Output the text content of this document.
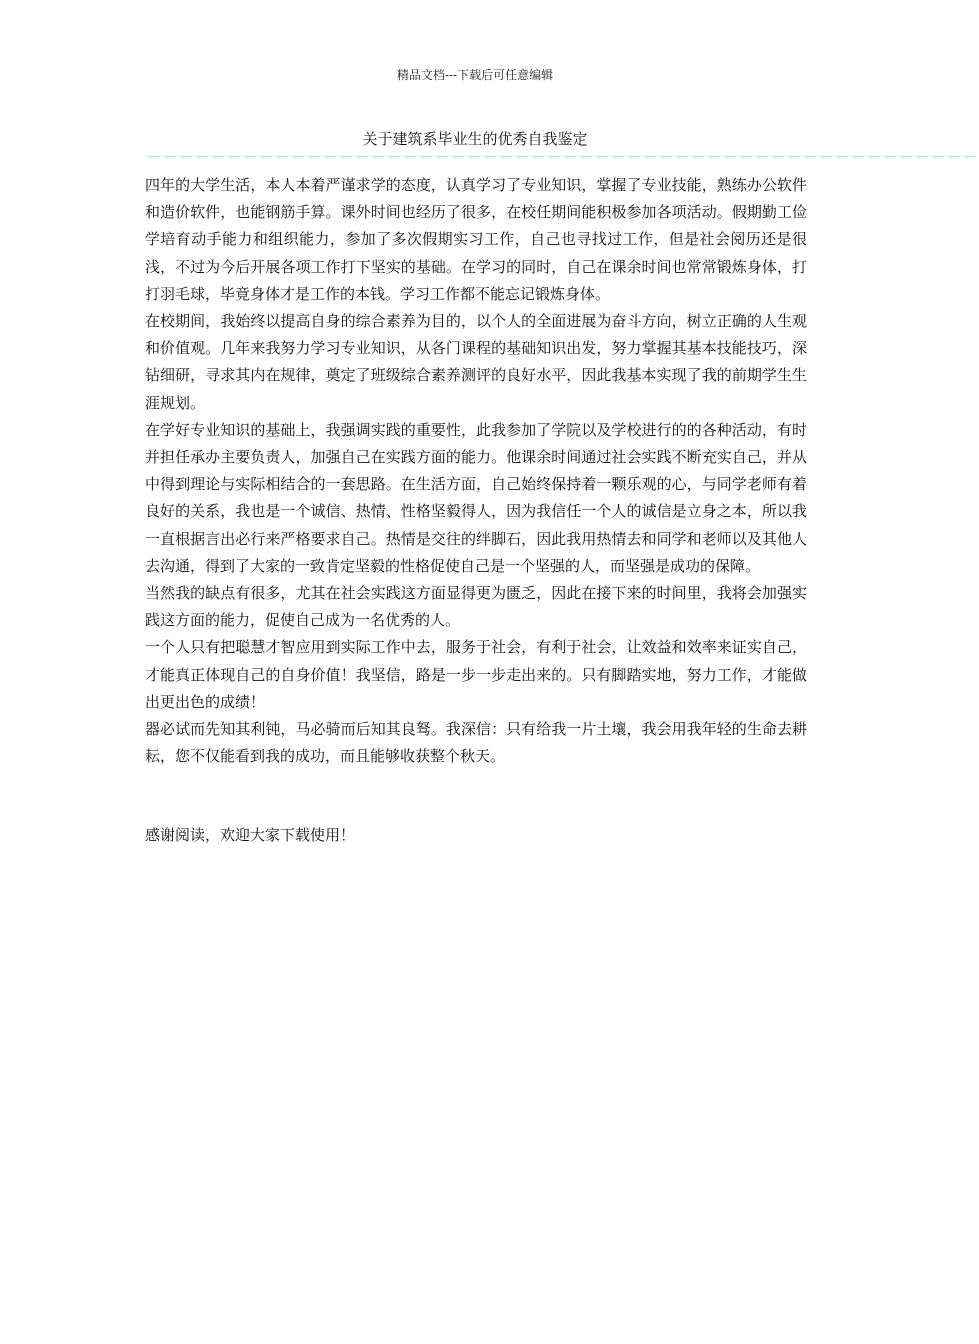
精品文档---下载后可任意编辑
关于建筑系毕业生的优秀自我鉴定
－－－－－－－－－－－－－－－－－－－－－－－－－－－－－－－－－－－－－－－－－－－－－－－－－－－－

四年的大学生活，本人本着严谨求学的态度，认真学习了专业知识，掌握了专业技能，熟练办公软件和造价软件，也能钢筋手算。课外时间也经历了很多，在校任期间能积极参加各项活动。假期勤工俭学培育动手能力和组织能力，参加了多次假期实习工作，自己也寻找过工作，但是社会阅历还是很浅，不过为今后开展各项工作打下坚实的基础。在学习的同时，自己在课余时间也常常锻炼身体，打打羽毛球，毕竟身体才是工作的本钱。学习工作都不能忘记锻炼身体。

在校期间，我始终以提高自身的综合素养为目的，以个人的全面进展为奋斗方向，树立正确的人生观和价值观。几年来我努力学习专业知识，从各门课程的基础知识出发，努力掌握其基本技能技巧，深钻细研，寻求其内在规律，奠定了班级综合素养测评的良好水平，因此我基本实现了我的前期学生生涯规划。

在学好专业知识的基础上，我强调实践的重要性，此我参加了学院以及学校进行的的各种活动，有时并担任承办主要负责人，加强自己在实践方面的能力。他课余时间通过社会实践不断充实自己，并从中得到理论与实际相结合的一套思路。在生活方面，自己始终保持着一颗乐观的心，与同学老师有着良好的关系，我也是一个诚信、热情、性格坚毅得人，因为我信任一个人的诚信是立身之本，所以我一直根据言出必行来严格要求自己。热情是交往的绊脚石，因此我用热情去和同学和老师以及其他人去沟通，得到了大家的一致肯定坚毅的性格促使自己是一个坚强的人，而坚强是成功的保障。

当然我的缺点有很多，尤其在社会实践这方面显得更为匮乏，因此在接下来的时间里，我将会加强实践这方面的能力，促使自己成为一名优秀的人。

一个人只有把聪慧才智应用到实际工作中去，服务于社会，有利于社会，让效益和效率来证实自己，才能真正体现自己的自身价值！我坚信，路是一步一步走出来的。只有脚踏实地，努力工作，才能做出更出色的成绩！

器必试而先知其利钝，马必骑而后知其良驽。我深信：只有给我一片土壤，我会用我年轻的生命去耕耘，您不仅能看到我的成功，而且能够收获整个秋天。

感谢阅读，欢迎大家下载使用！
